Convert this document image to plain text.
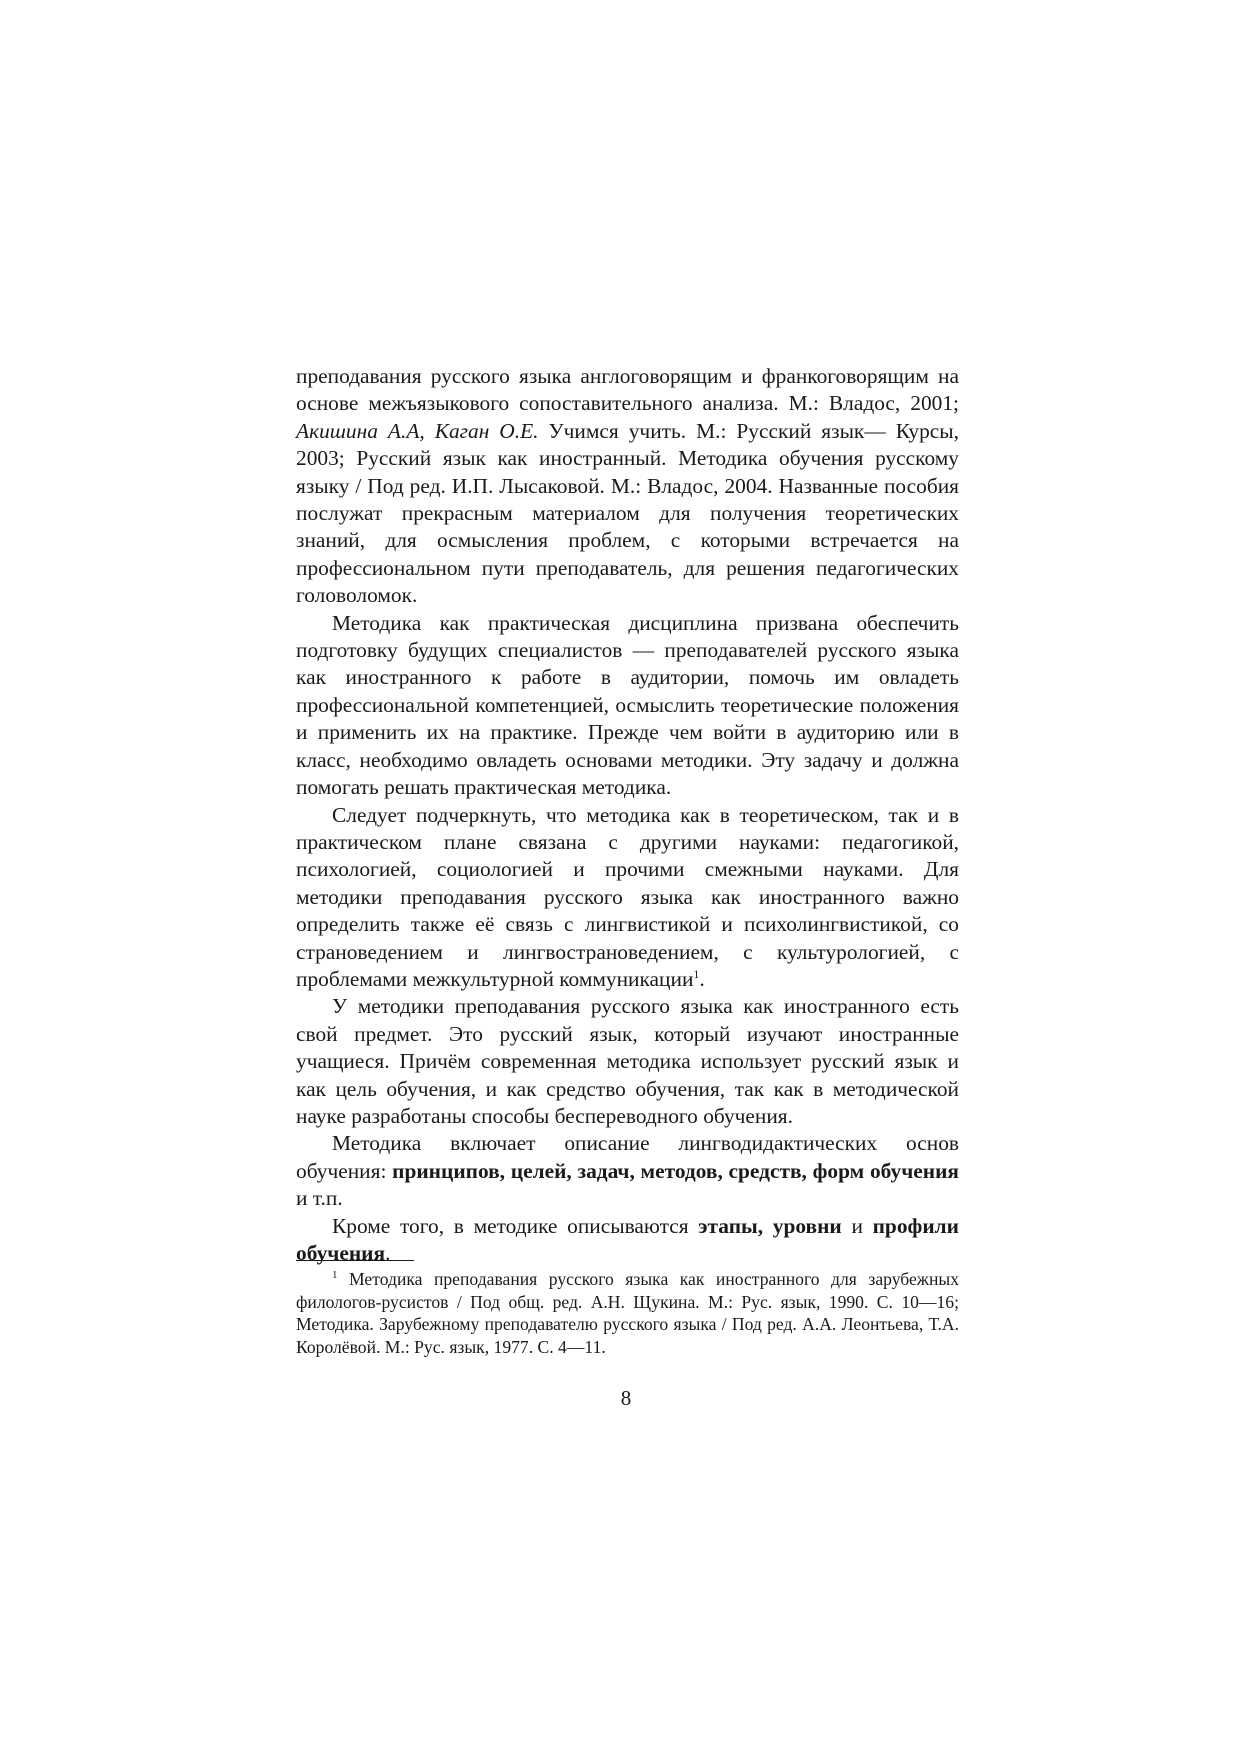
преподавания русского языка англоговорящим и франкоговорящим на основе межъязыкового сопоставительного анализа. М.: Владос, 2001; Акишина А.А, Каган О.Е. Учимся учить. М.: Русский язык— Курсы, 2003; Русский язык как иностранный. Методика обучения русскому языку / Под ред. И.П. Лысаковой. М.: Владос, 2004. Названные пособия послужат прекрасным материалом для получения теоретических знаний, для осмысления проблем, с которыми встречается на профессиональном пути преподаватель, для решения педагогических головоломок.

Методика как практическая дисциплина призвана обеспечить подготовку будущих специалистов — преподавателей русского языка как иностранного к работе в аудитории, помочь им овладеть профессиональной компетенцией, осмыслить теоретические положения и применить их на практике. Прежде чем войти в аудиторию или в класс, необходимо овладеть основами методики. Эту задачу и должна помогать решать практическая методика.

Следует подчеркнуть, что методика как в теоретическом, так и в практическом плане связана с другими науками: педагогикой, психологией, социологией и прочими смежными науками. Для методики преподавания русского языка как иностранного важно определить также её связь с лингвистикой и психолингвистикой, со страноведением и лингвострановедением, с культурологией, с проблемами межкультурной коммуникации$^1$.

У методики преподавания русского языка как иностранного есть свой предмет. Это русский язык, который изучают иностранные учащиеся. Причём современная методика использует русский язык и как цель обучения, и как средство обучения, так как в методической науке разработаны способы беспереводного обучения.

Методика включает описание лингводидактических основ обучения: принципов, целей, задач, методов, средств, форм обучения и т.п.

Кроме того, в методике описываются этапы, уровни и профили обучения.

$^1$ Методика преподавания русского языка как иностранного для зарубежных филологов-русистов / Под общ. ред. А.Н. Щукина. М.: Рус. язык, 1990. С. 10—16; Методика. Зарубежному преподавателю русского языка / Под ред. А.А. Леонтьева, Т.А. Королёвой. М.: Рус. язык, 1977. С. 4—11.

8
